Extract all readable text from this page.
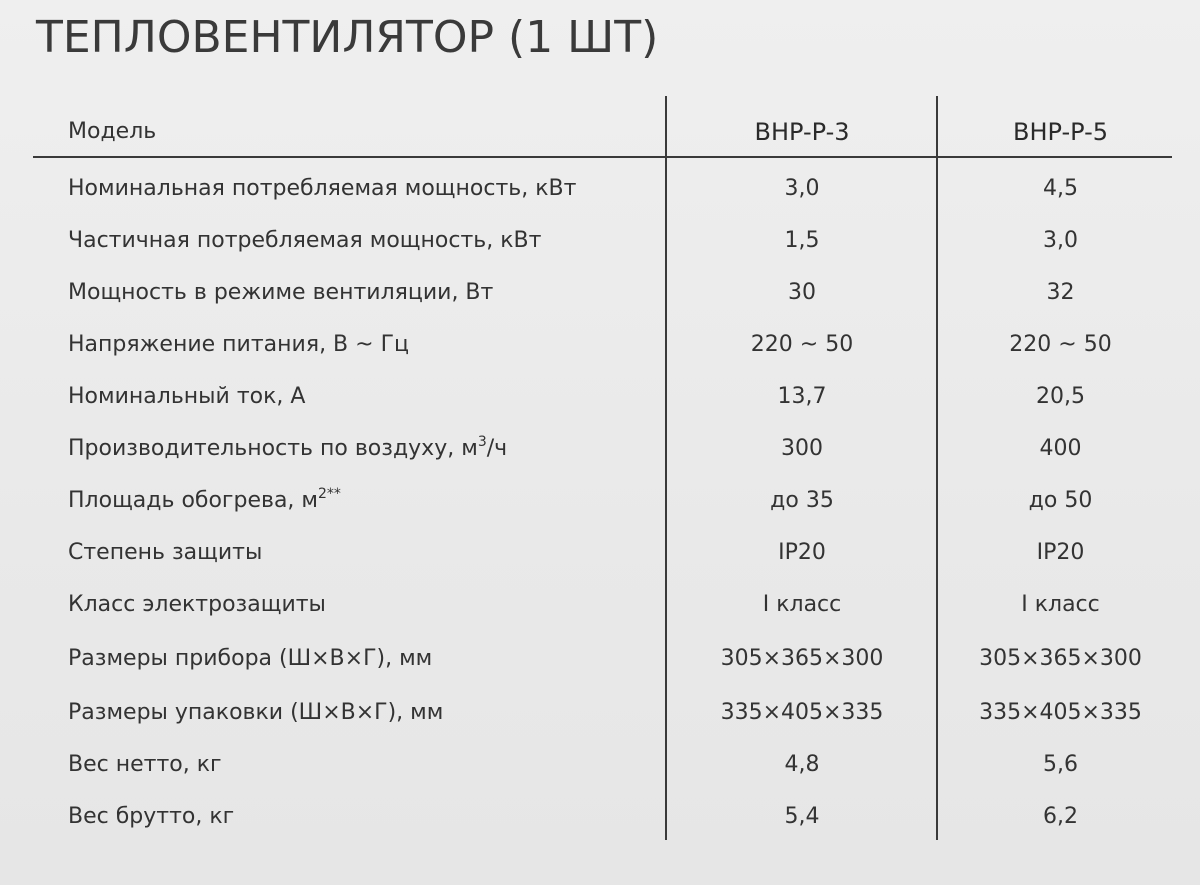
ТЕПЛОВЕНТИЛЯТОР (1 ШТ)
Модель	BHP-P-3	BHP-P-5
Номинальная потребляемая мощность, кВт	3,0	4,5
Частичная потребляемая мощность, кВт	1,5	3,0
Мощность в режиме вентиляции, Вт	30	32
Напряжение питания, В ~ Гц	220 ~ 50	220 ~ 50
Номинальный ток, А	13,7	20,5
Производительность по воздуху, $м^3/ч$	300	400
Площадь обогрева, $м^{2**}$	до 35	до 50
Степень защиты	IP20	IP20
Класс электрозащиты	I класс	I класс
Размеры прибора (Ш×В×Г), мм	305×365×300	305×365×300
Размеры упаковки (Ш×В×Г), мм	335×405×335	335×405×335
Вес нетто, кг	4,8	5,6
Вес брутто, кг	5,4	6,2
